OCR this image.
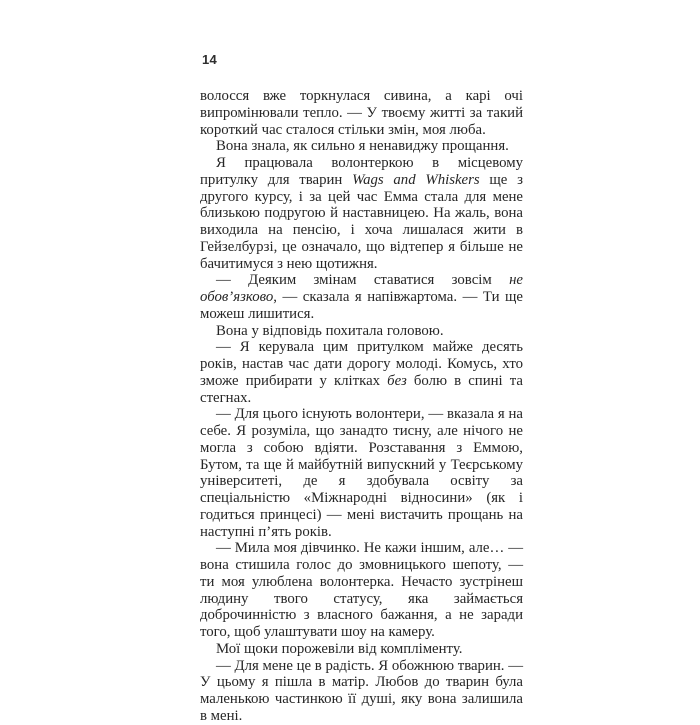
14

волосся вже торкнулася сивина, а карі очі випромінювали тепло. — У твоєму житті за такий короткий час сталося стільки змін, моя люба.

Вона знала, як сильно я ненавиджу прощання.

Я працювала волонтеркою в місцевому притулку для тварин Wags and Whiskers ще з другого курсу, і за цей час Емма стала для мене близькою подругою й наставницею. На жаль, вона виходила на пенсію, і хоча лишалася жити в Гейзелбурзі, це означало, що відтепер я більше не бачитимуся з нею щотижня.

— Деяким змінам ставатися зовсім не обов’язково, — сказала я напівжартома. — Ти ще можеш лишитися.

Вона у відповідь похитала головою.

— Я керувала цим притулком майже десять років, настав час дати дорогу молоді. Комусь, хто зможе прибирати у клітках без болю в спині та стегнах.

— Для цього існують волонтери, — вказала я на себе. Я розуміла, що занадто тисну, але нічого не могла з собою вдіяти. Розставання з Еммою, Бутом, та ще й майбутній випускний у Теєрському університеті, де я здобувала освіту за спеціальністю «Міжнародні відносини» (як і годиться принцесі) — мені вистачить прощань на наступні п’ять років.

— Мила моя дівчинко. Не кажи іншим, але… — вона стишила голос до змовницького шепоту, — ти моя улюблена волонтерка. Нечасто зустрінеш людину твого статусу, яка займається доброчинністю з власного бажання, а не заради того, щоб улаштувати шоу на камеру.

Мої щоки порожевіли від компліменту.

— Для мене це в радість. Я обожнюю тварин. — У цьому я пішла в матір. Любов до тварин була маленькою частинкою її душі, яку вона залишила в мені.
